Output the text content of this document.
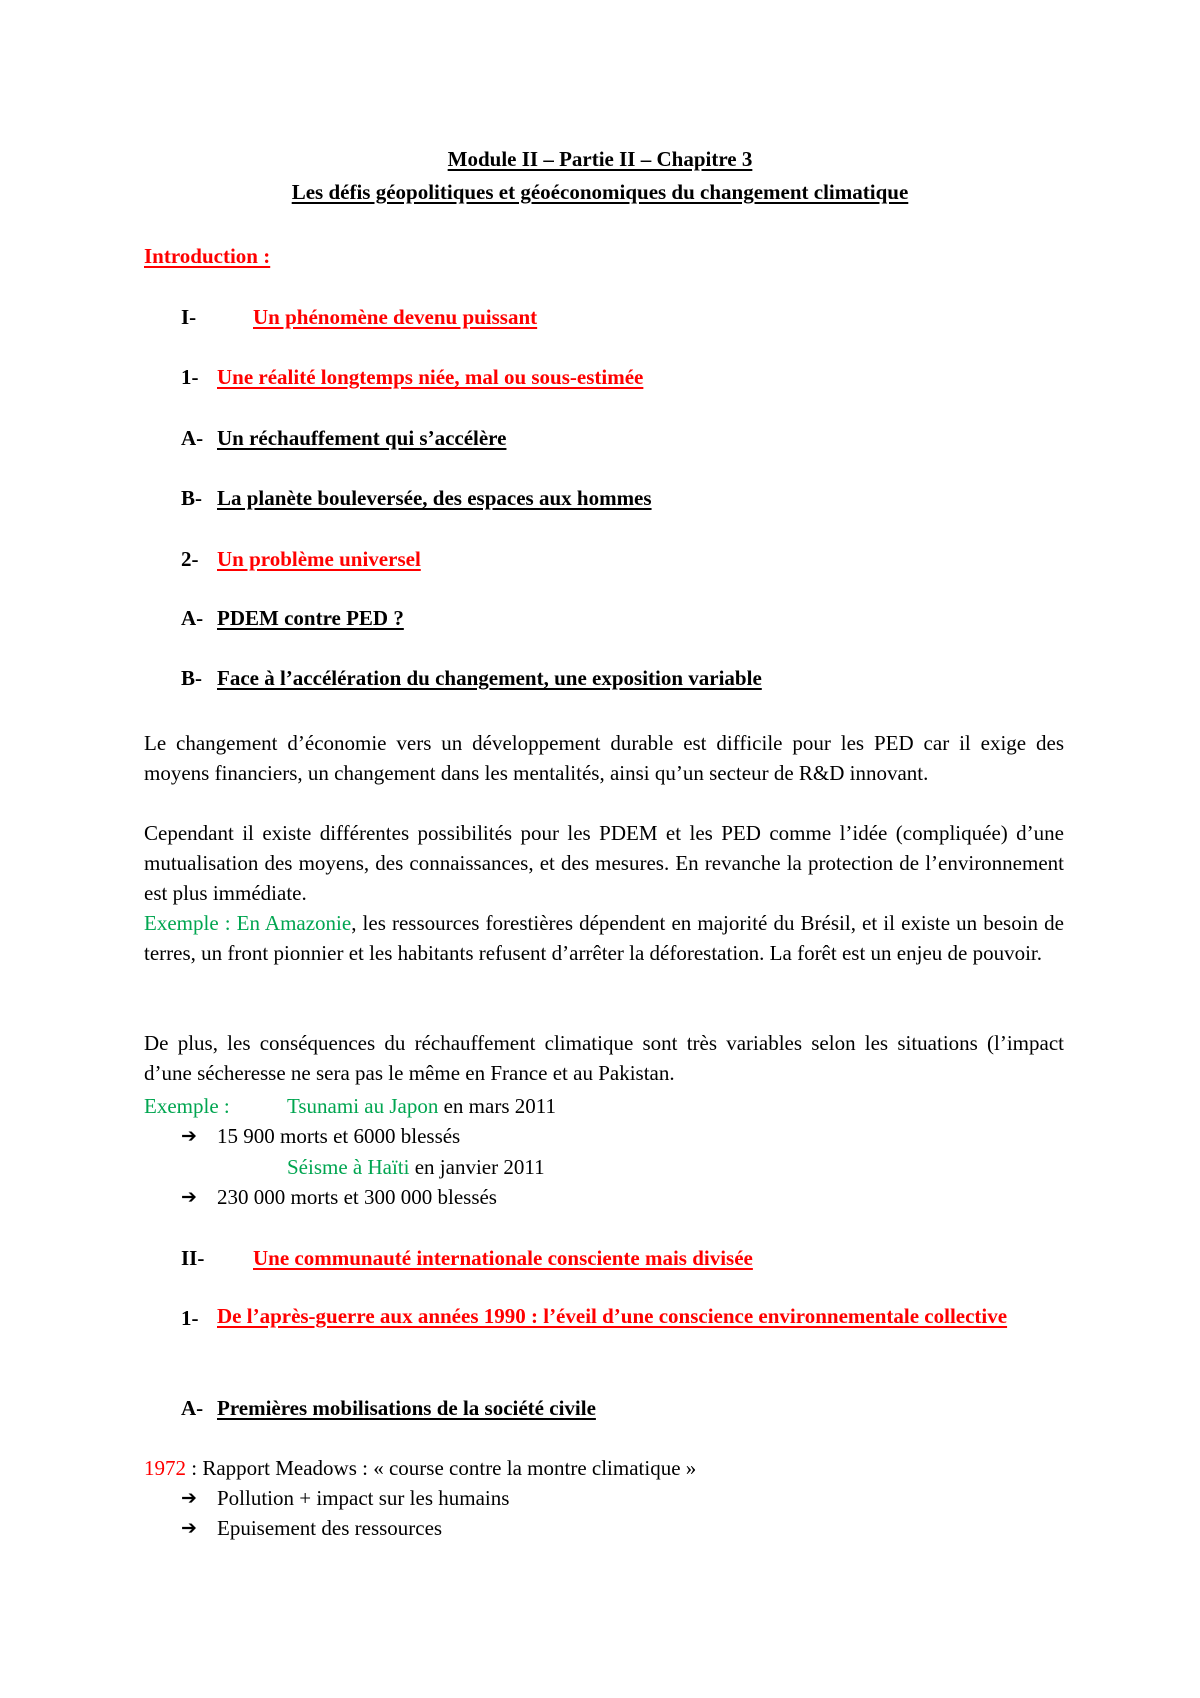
Module II – Partie II – Chapitre 3
Les défis géopolitiques et géoéconomiques du changement climatique
Introduction :
I-	Un phénomène devenu puissant
1- Une réalité longtemps niée, mal ou sous-estimée
A- Un réchauffement qui s’accélère
B- La planète bouleversée, des espaces aux hommes
2- Un problème universel
A- PDEM contre PED ?
B- Face à l’accélération du changement, une exposition variable
Le changement d’économie vers un développement durable est difficile pour les PED car il exige des moyens financiers, un changement dans les mentalités, ainsi qu’un secteur de R&D innovant.
Cependant il existe différentes possibilités pour les PDEM et les PED comme l’idée (compliquée) d’une mutualisation des moyens, des connaissances, et des mesures. En revanche la protection de l’environnement est plus immédiate.
Exemple : En Amazonie, les ressources forestières dépendent en majorité du Brésil, et il existe un besoin de terres, un front pionnier et les habitants refusent d’arrêter la déforestation. La forêt est un enjeu de pouvoir.
De plus, les conséquences du réchauffement climatique sont très variables selon les situations (l’impact d’une sécheresse ne sera pas le même en France et au Pakistan.
Exemple :	Tsunami au Japon en mars 2011
➔ 15 900 morts et 6000 blessés
Séisme à Haïti en janvier 2011
➔ 230 000 morts et 300 000 blessés
II- Une communauté internationale consciente mais divisée
1- De l’après-guerre aux années 1990 : l’éveil d’une conscience environnementale collective
A- Premières mobilisations de la société civile
1972 : Rapport Meadows : « course contre la montre climatique »
➔ Pollution + impact sur les humains
➔ Epuisement des ressources
